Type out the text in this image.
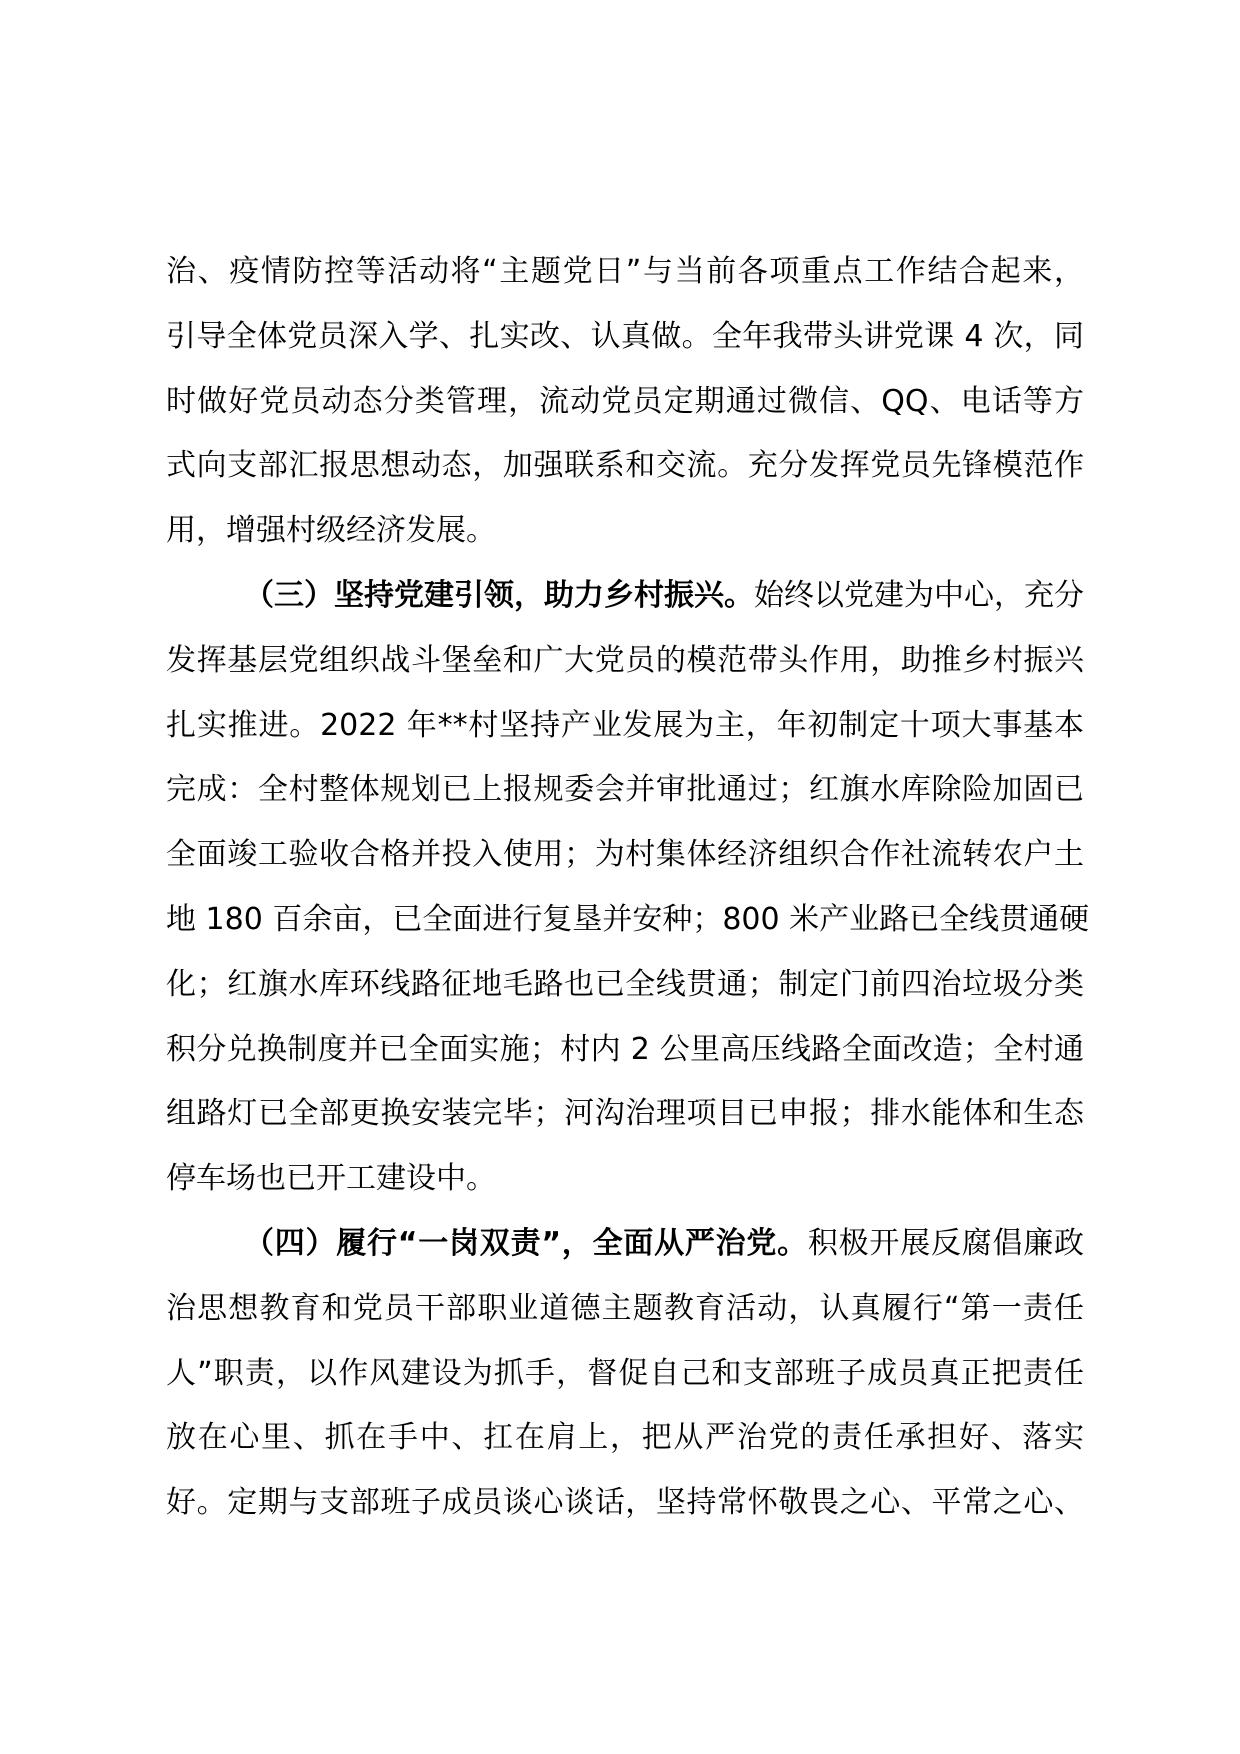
治、疫情防控等活动将“主题党日”与当前各项重点工作结合起来，
引导全体党员深入学、扎实改、认真做。全年我带头讲党课 4 次，同
时做好党员动态分类管理，流动党员定期通过微信、QQ、电话等方
式向支部汇报思想动态，加强联系和交流。充分发挥党员先锋模范作
用，增强村级经济发展。
（三）坚持党建引领，助力乡村振兴。始终以党建为中心，充分
发挥基层党组织战斗堡垒和广大党员的模范带头作用，助推乡村振兴
扎实推进。2022 年**村坚持产业发展为主，年初制定十项大事基本
完成：全村整体规划已上报规委会并审批通过；红旗水库除险加固已
全面竣工验收合格并投入使用；为村集体经济组织合作社流转农户土
地 180 百余亩，已全面进行复垦并安种；800 米产业路已全线贯通硬
化；红旗水库环线路征地毛路也已全线贯通；制定门前四治垃圾分类
积分兑换制度并已全面实施；村内 2 公里高压线路全面改造；全村通
组路灯已全部更换安装完毕；河沟治理项目已申报；排水能体和生态
停车场也已开工建设中。
（四）履行“一岗双责”，全面从严治党。积极开展反腐倡廉政
治思想教育和党员干部职业道德主题教育活动，认真履行“第一责任
人”职责，以作风建设为抓手，督促自己和支部班子成员真正把责任
放在心里、抓在手中、扛在肩上，把从严治党的责任承担好、落实
好。定期与支部班子成员谈心谈话，坚持常怀敬畏之心、平常之心、
